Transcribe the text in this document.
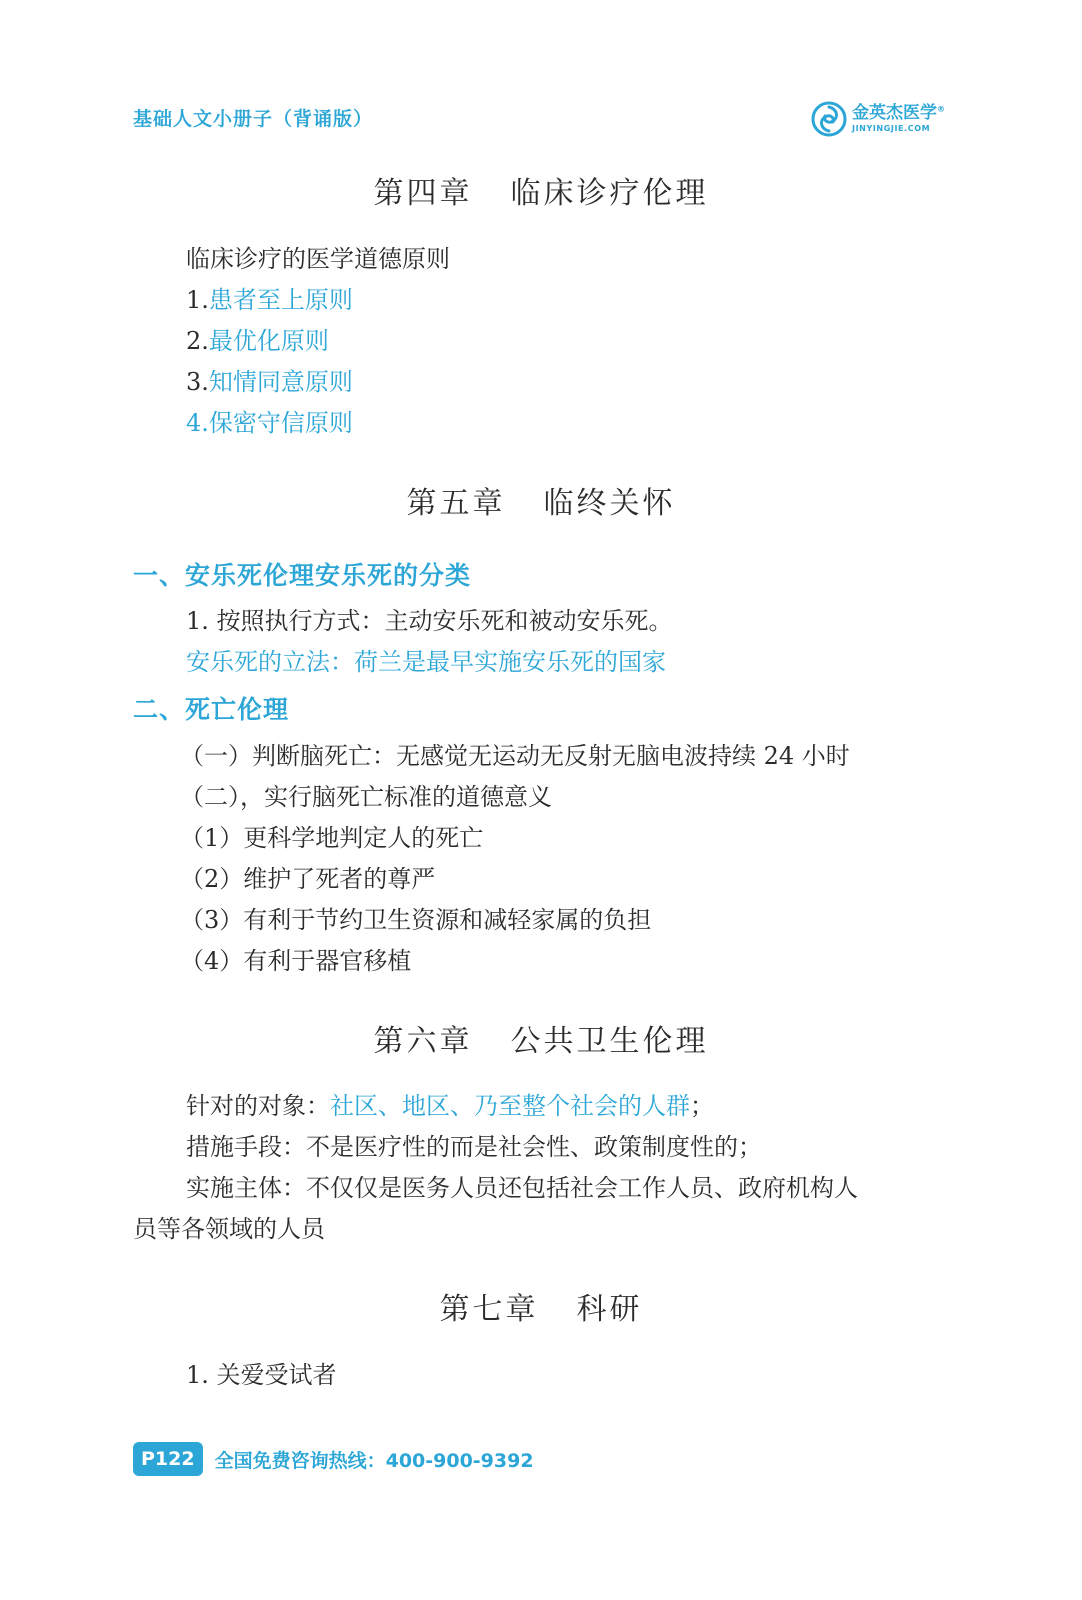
基础人文小册子（背诵版）	金英杰医学®
JINYINGJIE.COM
第四章 临床诊疗伦理
临床诊疗的医学道德原则
1.患者至上原则
2.最优化原则
3.知情同意原则
4.保密守信原则
第五章 临终关怀
一、安乐死伦理安乐死的分类
1. 按照执行方式：主动安乐死和被动安乐死。
安乐死的立法：荷兰是最早实施安乐死的国家
二、死亡伦理
（一）判断脑死亡：无感觉无运动无反射无脑电波持续 24 小时
（二），实行脑死亡标准的道德意义
（1）更科学地判定人的死亡
（2）维护了死者的尊严
（3）有利于节约卫生资源和减轻家属的负担
（4）有利于器官移植
第六章 公共卫生伦理
针对的对象：社区、地区、乃至整个社会的人群；
措施手段：不是医疗性的而是社会性、政策制度性的；
实施主体：不仅仅是医务人员还包括社会工作人员、政府机构人
员等各领域的人员
第七章 科研
1. 关爱受试者
P122	全国免费咨询热线：400-900-9392
